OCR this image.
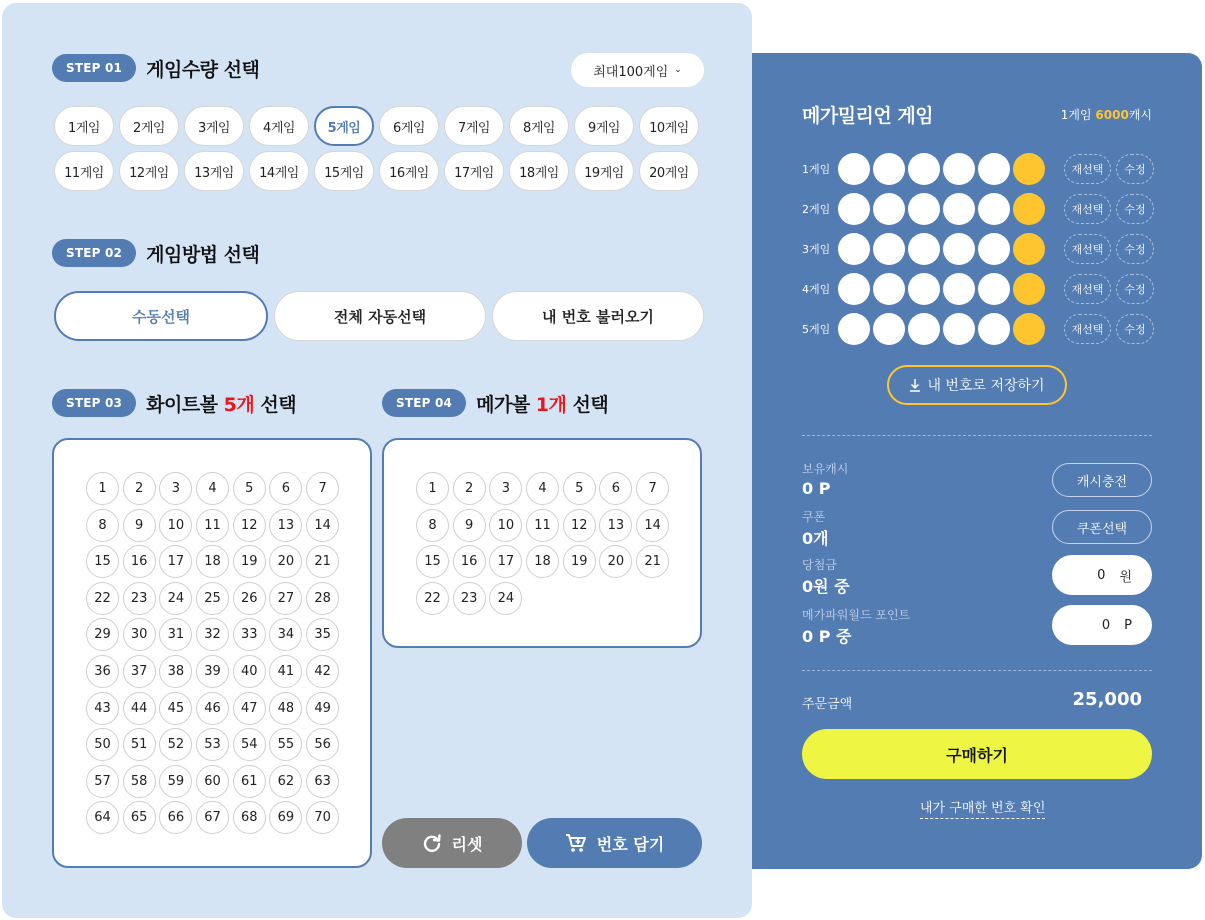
STEP 01	게임수량 선택	최대100게임 ⌄
1게임	2게임	3게임	4게임	5게임	6게임	7게임	8게임	9게임	10게임
11게임	12게임	13게임	14게임	15게임	16게임	17게임	18게임	19게임	20게임
STEP 02	게임방법 선택
수동선택	전체 자동선택	내 번호 불러오기
STEP 03	화이트볼 5개 선택	STEP 04	메가볼 1개 선택
1	2	3	4	5	6	7
8	9	10	11	12	13	14
15	16	17	18	19	20	21
22	23	24	25	26	27	28
29	30	31	32	33	34	35
36	37	38	39	40	41	42
43	44	45	46	47	48	49
50	51	52	53	54	55	56
57	58	59	60	61	62	63
64	65	66	67	68	69	70
1	2	3	4	5	6	7
8	9	10	11	12	13	14
15	16	17	18	19	20	21
22	23	24
리셋	번호 담기
메가밀리언 게임	1게임 6000캐시
1게임	재선택	수정
2게임	재선택	수정
3게임	재선택	수정
4게임	재선택	수정
5게임	재선택	수정
내 번호로 저장하기
보유캐시
0 P	캐시충전
쿠폰
0개	쿠폰선택
당첨금
0원 중
0 원
메가파워월드 포인트
0 P 중
0 P
주문금액	25,000
구매하기
내가 구매한 번호 확인
